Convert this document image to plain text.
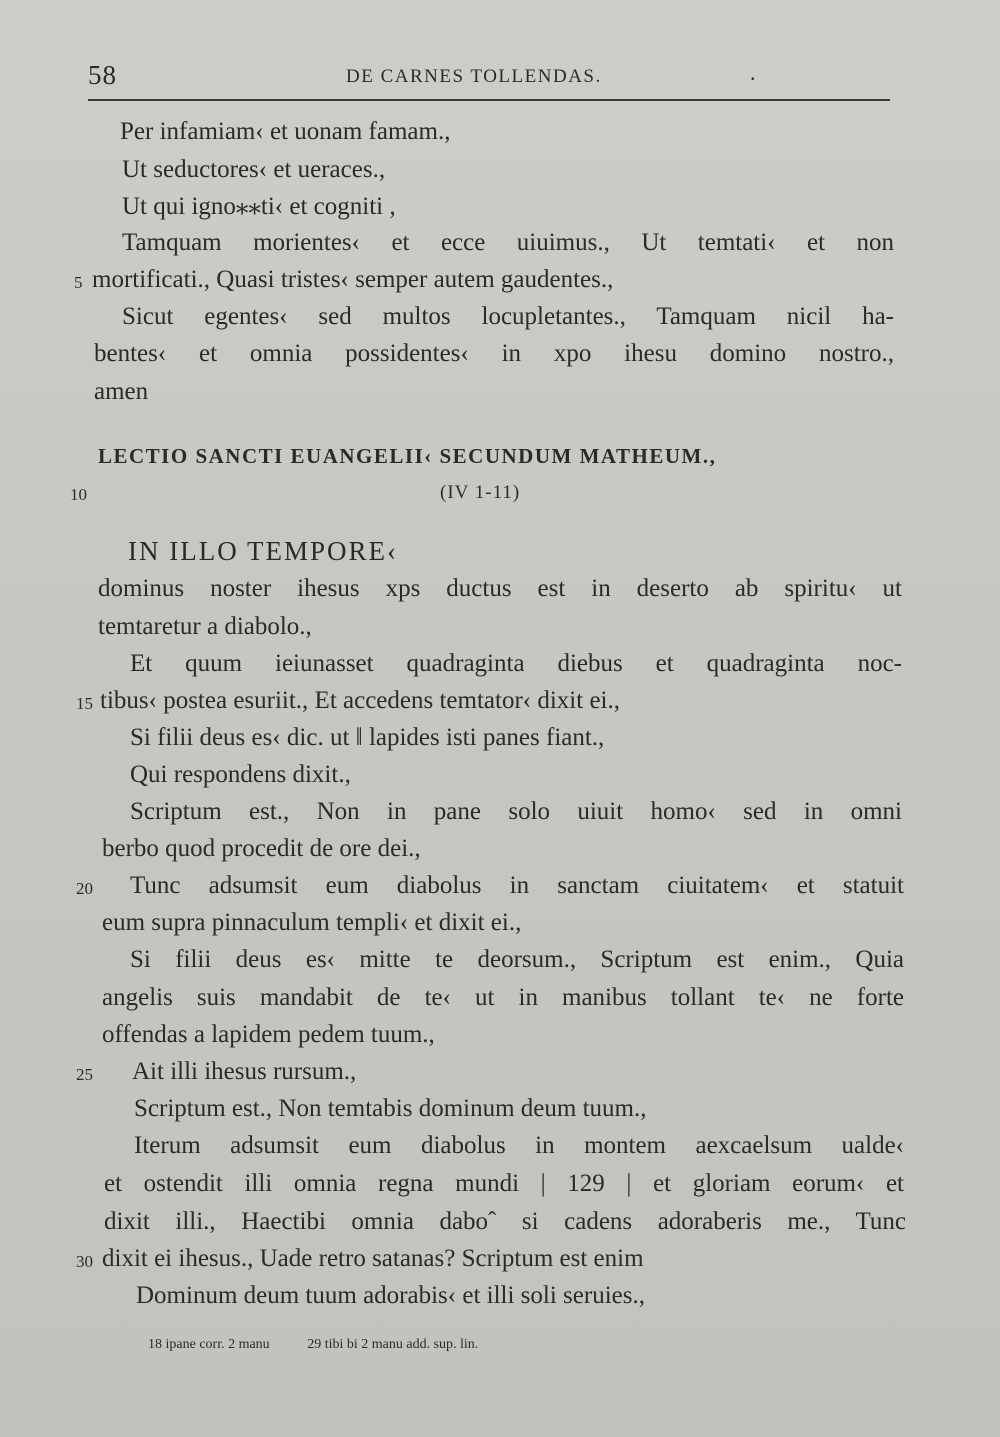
58	DE CARNES TOLLENDAS.	.
Per infamiam‹ et uonam famam.,
Ut seductores‹ et ueraces.,
Ut qui igno⁎⁎ti‹ et cogniti ,
Tamquam morientes‹ et ecce uiuimus., Ut temtati‹ et non
5 mortificati., Quasi tristes‹ semper autem gaudentes.,
Sicut egentes‹ sed multos locupletantes., Tamquam nicil ha-
bentes‹ et omnia possidentes‹ in xpo ihesu domino nostro.,
amen
LECTIO SANCTI EUANGELII‹ SECUNDUM MATHEUM.,
10	(IV 1-11)
IN ILLO TEMPORE‹
dominus noster ihesus xps ductus est in deserto ab spiritu‹ ut
temtaretur a diabolo.,
Et quum ieiunasset quadraginta diebus et quadraginta noc-
15 tibus‹ postea esuriit., Et accedens temtator‹ dixit ei.,
Si filii deus es‹ dic. ut ‖ lapides isti panes fiant.,
Qui respondens dixit.,
Scriptum est., Non in pane solo uiuit homo‹ sed in omni
berbo quod procedit de ore dei.,
20 Tunc adsumsit eum diabolus in sanctam ciuitatem‹ et statuit
eum supra pinnaculum templi‹ et dixit ei.,
Si filii deus es‹ mitte te deorsum., Scriptum est enim., Quia
angelis suis mandabit de te‹ ut in manibus tollant te‹ ne forte
offendas a lapidem pedem tuum.,
25 Ait illi ihesus rursum.,
Scriptum est., Non temtabis dominum deum tuum.,
Iterum adsumsit eum diabolus in montem aexcaelsum ualde‹
et ostendit illi omnia regna mundi | 129 | et gloriam eorum‹ et
dixit illi., Haectibi omnia daboˆ si cadens adoraberis me., Tunc
30 dixit ei ihesus., Uade retro satanas? Scriptum est enim
Dominum deum tuum adorabis‹ et illi soli seruies.,
18 ipane corr. 2 manu	29 tibi bi 2 manu add. sup. lin.
